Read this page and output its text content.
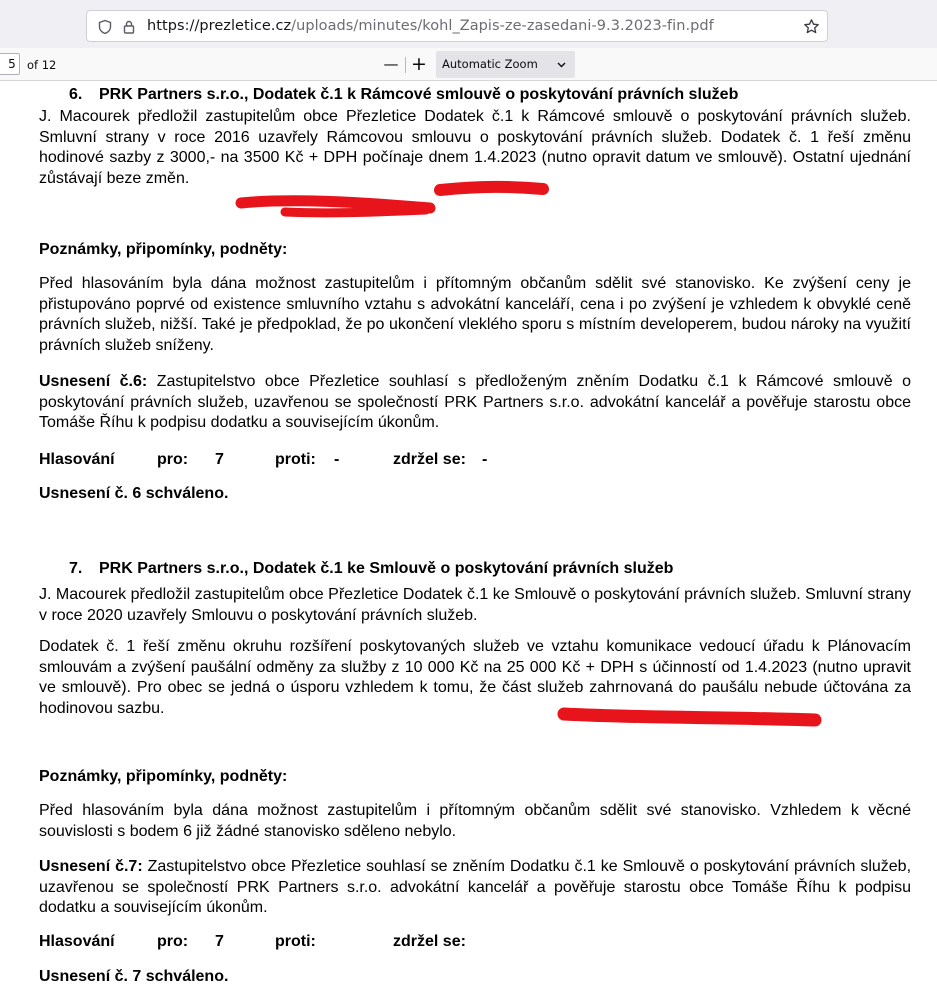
https://prezletice.cz/uploads/minutes/kohl_Zapis-ze-zasedani-9.3.2023-fin.pdf
5 of 12	— + Automatic Zoom
6. PRK Partners s.r.o., Dodatek č.1 k Rámcové smlouvě o poskytování právních služeb
J. Macourek předložil zastupitelům obce Přezletice Dodatek č.1 k Rámcové smlouvě o poskytování právních služeb. Smluvní strany v roce 2016 uzavřely Rámcovou smlouvu o poskytování právních služeb. Dodatek č. 1 řeší změnu hodinové sazby z 3000,- na 3500 Kč + DPH počínaje dnem 1.4.2023 (nutno opravit datum ve smlouvě). Ostatní ujednání zůstávají beze změn.
Poznámky, připomínky, podněty:
Před hlasováním byla dána možnost zastupitelům i přítomným občanům sdělit své stanovisko. Ke zvýšení ceny je přistupováno poprvé od existence smluvního vztahu s advokátní kanceláří, cena i po zvýšení je vzhledem k obvyklé ceně právních služeb, nižší. Také je předpoklad, že po ukončení vleklého sporu s místním developerem, budou nároky na využití právních služeb sníženy.
Usnesení č.6: Zastupitelstvo obce Přezletice souhlasí s předloženým zněním Dodatku č.1 k Rámcové smlouvě o poskytování právních služeb, uzavřenou se společností PRK Partners s.r.o. advokátní kancelář a pověřuje starostu obce Tomáše Říhu k podpisu dodatku a souvisejícím úkonům.
Hlasování	pro: 7	proti: -	zdržel se: -
Usnesení č. 6 schváleno.
7. PRK Partners s.r.o., Dodatek č.1 ke Smlouvě o poskytování právních služeb
J. Macourek předložil zastupitelům obce Přezletice Dodatek č.1 ke Smlouvě o poskytování právních služeb. Smluvní strany v roce 2020 uzavřely Smlouvu o poskytování právních služeb.
Dodatek č. 1 řeší změnu okruhu rozšíření poskytovaných služeb ve vztahu komunikace vedoucí úřadu k Plánovacím smlouvám a zvýšení paušální odměny za služby z 10 000 Kč na 25 000 Kč + DPH s účinností od 1.4.2023 (nutno upravit ve smlouvě). Pro obec se jedná o úsporu vzhledem k tomu, že část služeb zahrnovaná do paušálu nebude účtována za hodinovou sazbu.
Poznámky, připomínky, podněty:
Před hlasováním byla dána možnost zastupitelům i přítomným občanům sdělit své stanovisko. Vzhledem k věcné souvislosti s bodem 6 již žádné stanovisko sděleno nebylo.
Usnesení č.7: Zastupitelstvo obce Přezletice souhlasí se zněním Dodatku č.1 ke Smlouvě o poskytování právních služeb, uzavřenou se společností PRK Partners s.r.o. advokátní kancelář a pověřuje starostu obce Tomáše Říhu k podpisu dodatku a souvisejícím úkonům.
Hlasování	pro: 7	proti:	zdržel se:
Usnesení č. 7 schváleno.
